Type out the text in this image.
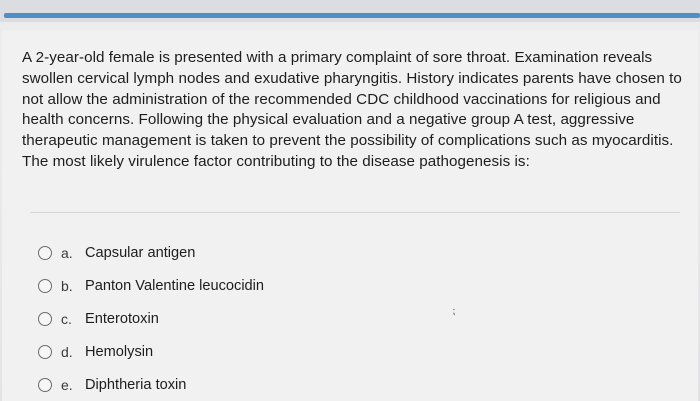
A 2-year-old female is presented with a primary complaint of sore throat. Examination reveals swollen cervical lymph nodes and exudative pharyngitis. History indicates parents have chosen to not allow the administration of the recommended CDC childhood vaccinations for religious and health concerns. Following the physical evaluation and a negative group A test, aggressive therapeutic management is taken to prevent the possibility of complications such as myocarditis. The most likely virulence factor contributing to the disease pathogenesis is:

a. Capsular antigen
b. Panton Valentine leucocidin
c. Enterotoxin
d. Hemolysin
e. Diphtheria toxin
⁏
